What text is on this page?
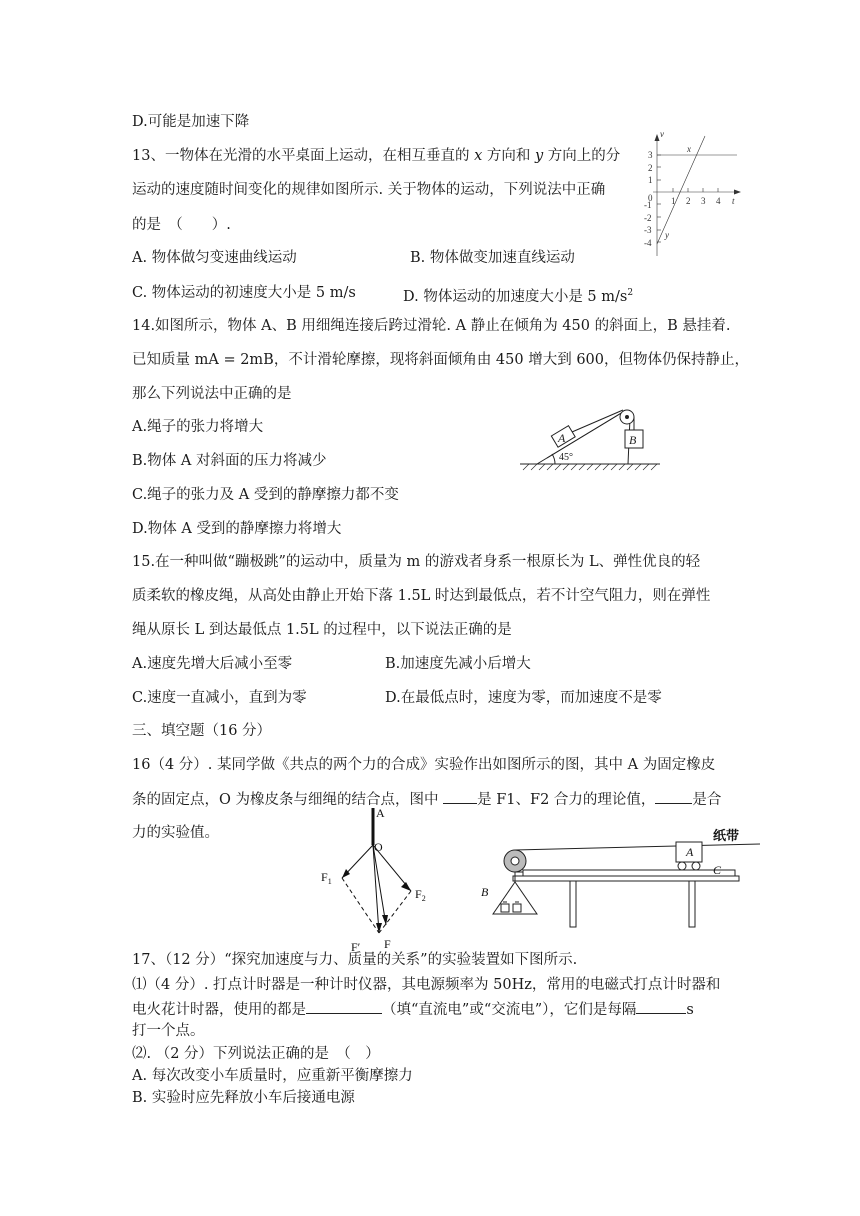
D.可能是加速下降
13、一物体在光滑的水平桌面上运动，在相互垂直的 x 方向和 y 方向上的分
运动的速度随时间变化的规律如图所示. 关于物体的运动，下列说法中正确
的是　（　　）.
A. 物体做匀变速曲线运动	B. 物体做变加速直线运动
C. 物体运动的初速度大小是 5 m/s	D. 物体运动的加速度大小是 5 $m/s^2$
v
t
0
x
y
3
2
1
-1
-2
-3
-4
1 2 3 4
14.如图所示，物体 A、B 用细绳连接后跨过滑轮. A 静止在倾角为 450 的斜面上，B 悬挂着.
已知质量 mA = 2mB，不计滑轮摩擦，现将斜面倾角由 450 增大到 600，但物体仍保持静止，
那么下列说法中正确的是
A.绳子的张力将增大
B.物体 A 对斜面的压力将减少
C.绳子的张力及 A 受到的静摩擦力都不变
D.物体 A 受到的静摩擦力将增大
A	B
45°
15.在一种叫做“蹦极跳”的运动中，质量为 m 的游戏者身系一根原长为 L、弹性优良的轻
质柔软的橡皮绳，从高处由静止开始下落 1.5L 时达到最低点，若不计空气阻力，则在弹性
绳从原长 L 到达最低点 1.5L 的过程中，以下说法正确的是
A.速度先增大后减小至零	B.加速度先减小后增大
C.速度一直减小，直到为零	D.在最低点时，速度为零，而加速度不是零
三、填空题（16 分）
16（4 分）. 某同学做《共点的两个力的合成》实验作出如图所示的图，其中 A 为固定橡皮
条的固定点，O 为橡皮条与细绳的结合点，图中 是 F1、F2 合力的理论值，	是合
力的实验值。
A
O
$F_1$
$F_2$
F′ F
纸带
A
B
C
17、（12 分）“探究加速度与力、质量的关系”的实验装置如下图所示.
⑴（4 分）. 打点计时器是一种计时仪器，其电源频率为 50Hz，常用的电磁式打点计时器和
电火花计时器，使用的都是	（填“直流电”或“交流电”），它们是每隔	s
打一个点。
⑵. （2 分）下列说法正确的是　（　）
A. 每次改变小车质量时，应重新平衡摩擦力
B. 实验时应先释放小车后接通电源
